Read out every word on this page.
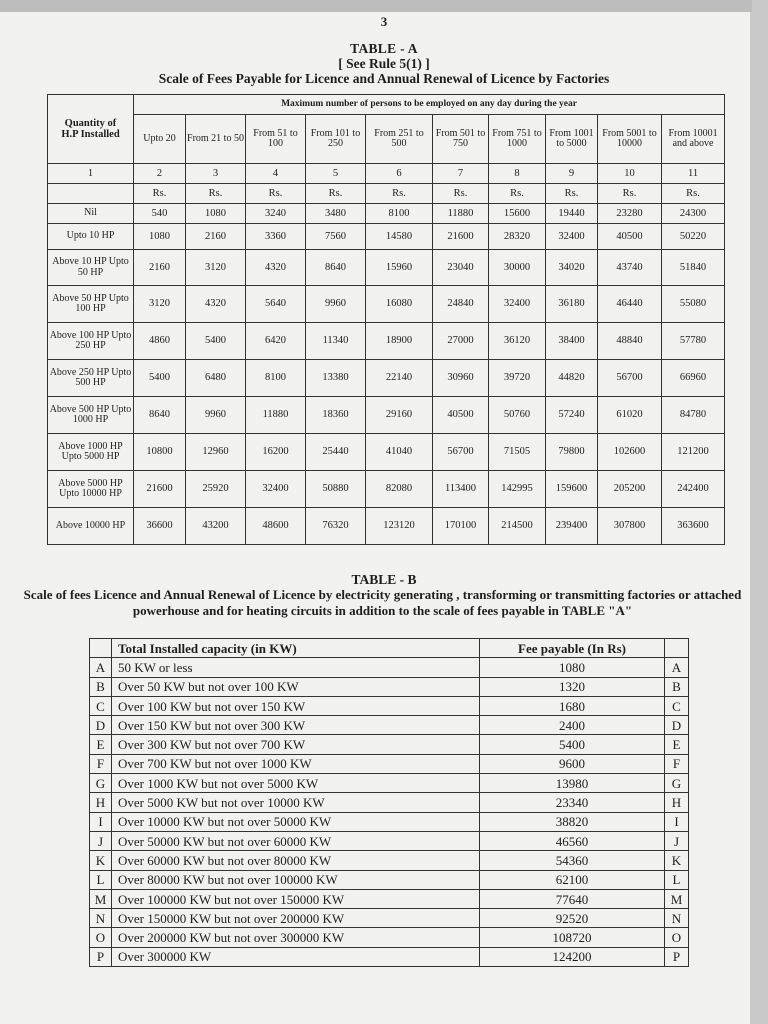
3
TABLE - A
[ See Rule 5(1) ]
Scale of Fees Payable for Licence and Annual Renewal of Licence by Factories
Quantity of H.P Installed	Maximum number of persons to be employed on any day during the year									
	Upto 20	From 21 to 50	From 51 to 100	From 101 to 250	From 251 to 500	From 501 to 750	From 751 to 1000	From 1001 to 5000	From 5001 to 10000	From 10001 and above
1	2	3	4	5	6	7	8	9	10	11
	Rs.	Rs.	Rs.	Rs.	Rs.	Rs.	Rs.	Rs.	Rs.	Rs.
Nil	540	1080	3240	3480	8100	11880	15600	19440	23280	24300
Upto 10 HP	1080	2160	3360	7560	14580	21600	28320	32400	40500	50220
Above 10 HP Upto 50 HP	2160	3120	4320	8640	15960	23040	30000	34020	43740	51840
Above 50 HP Upto 100 HP	3120	4320	5640	9960	16080	24840	32400	36180	46440	55080
Above 100 HP Upto 250 HP	4860	5400	6420	11340	18900	27000	36120	38400	48840	57780
Above 250 HP Upto 500 HP	5400	6480	8100	13380	22140	30960	39720	44820	56700	66960
Above 500 HP Upto 1000 HP	8640	9960	11880	18360	29160	40500	50760	57240	61020	84780
Above 1000 HP Upto 5000 HP	10800	12960	16200	25440	41040	56700	71505	79800	102600	121200
Above 5000 HP Upto 10000 HP	21600	25920	32400	50880	82080	113400	142995	159600	205200	242400
Above 10000 HP	36600	43200	48600	76320	123120	170100	214500	239400	307800	363600
TABLE - B
Scale of fees Licence and Annual Renewal of Licence by electricity generating , transforming or transmitting factories or attached powerhouse and for heating circuits in addition to the scale of fees payable in TABLE "A"
	Total Installed capacity (in KW)	Fee payable (In Rs)	
A	50 KW or less	1080	A
B	Over 50 KW but not over 100 KW	1320	B
C	Over 100 KW but not over 150 KW	1680	C
D	Over 150 KW but not over 300 KW	2400	D
E	Over 300 KW but not over 700 KW	5400	E
F	Over 700 KW but not over 1000 KW	9600	F
G	Over 1000 KW but not over 5000 KW	13980	G
H	Over 5000 KW but not over 10000 KW	23340	H
I	Over 10000 KW but not over 50000 KW	38820	I
J	Over 50000 KW but not over 60000 KW	46560	J
K	Over 60000 KW but not over 80000 KW	54360	K
L	Over 80000 KW but not over 100000 KW	62100	L
M	Over 100000 KW but not over 150000 KW	77640	M
N	Over 150000 KW but not over 200000 KW	92520	N
O	Over 200000 KW but not over 300000 KW	108720	O
P	Over 300000 KW	124200	P
